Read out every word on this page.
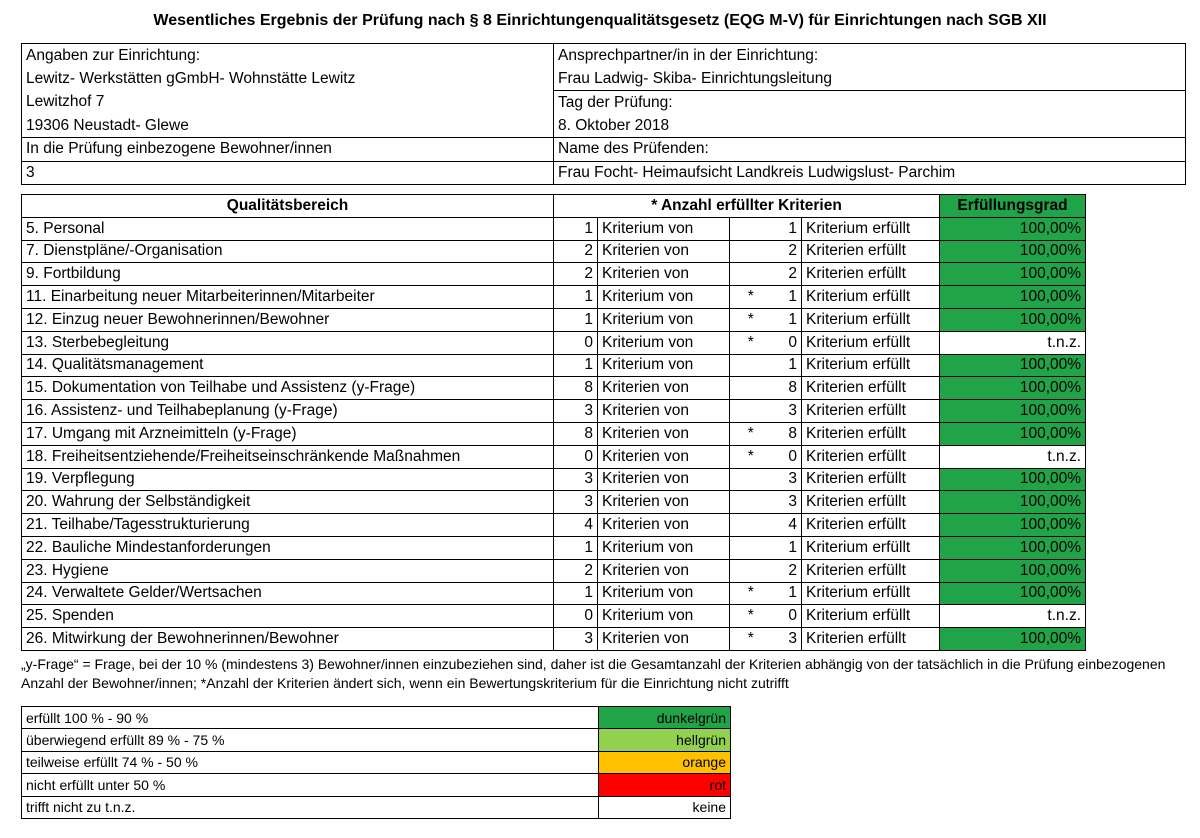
Wesentliches Ergebnis der Prüfung nach § 8 Einrichtungenqualitätsgesetz (EQG M-V) für Einrichtungen nach SGB XII
Angaben zur Einrichtung:	Ansprechpartner/in in der Einrichtung:
Lewitz- Werkstätten gGmbH- Wohnstätte Lewitz	Frau Ladwig- Skiba- Einrichtungsleitung
Lewitzhof 7	Tag der Prüfung:
19306 Neustadt- Glewe	8. Oktober 2018
In die Prüfung einbezogene Bewohner/innen	Name des Prüfenden:
3	Frau Focht- Heimaufsicht Landkreis Ludwigslust- Parchim
Qualitätsbereich	* Anzahl erfüllter Kriterien					Erfüllungsgrad
5. Personal	1	Kriterium von		1	Kriterium erfüllt	100,00%
7. Dienstpläne/-Organisation	2	Kriterien von		2	Kriterien erfüllt	100,00%
9. Fortbildung	2	Kriterien von		2	Kriterien erfüllt	100,00%
11. Einarbeitung neuer Mitarbeiterinnen/Mitarbeiter	1	Kriterium von	*	1	Kriterium erfüllt	100,00%
12. Einzug neuer Bewohnerinnen/Bewohner	1	Kriterium von	*	1	Kriterium erfüllt	100,00%
13. Sterbebegleitung	0	Kriterium von	*	0	Kriterium erfüllt	t.n.z.
14. Qualitätsmanagement	1	Kriterium von		1	Kriterium erfüllt	100,00%
15. Dokumentation von Teilhabe und Assistenz (y-Frage)	8	Kriterien von		8	Kriterien erfüllt	100,00%
16. Assistenz- und Teilhabeplanung (y-Frage)	3	Kriterien von		3	Kriterien erfüllt	100,00%
17. Umgang mit Arzneimitteln (y-Frage)	8	Kriterien von	*	8	Kriterien erfüllt	100,00%
18. Freiheitsentziehende/Freiheitseinschränkende Maßnahmen	0	Kriterien von	*	0	Kriterien erfüllt	t.n.z.
19. Verpflegung	3	Kriterien von		3	Kriterien erfüllt	100,00%
20. Wahrung der Selbständigkeit	3	Kriterien von		3	Kriterien erfüllt	100,00%
21. Teilhabe/Tagesstrukturierung	4	Kriterien von		4	Kriterien erfüllt	100,00%
22. Bauliche Mindestanforderungen	1	Kriterium von		1	Kriterium erfüllt	100,00%
23. Hygiene	2	Kriterien von		2	Kriterien erfüllt	100,00%
24. Verwaltete Gelder/Wertsachen	1	Kriterium von	*	1	Kriterium erfüllt	100,00%
25. Spenden	0	Kriterium von	*	0	Kriterium erfüllt	t.n.z.
26. Mitwirkung der Bewohnerinnen/Bewohner	3	Kriterien von	*	3	Kriterien erfüllt	100,00%
„y-Frage“ = Frage, bei der 10 % (mindestens 3) Bewohner/innen einzubeziehen sind, daher ist die Gesamtanzahl der Kriterien abhängig von der tatsächlich in die Prüfung einbezogenen Anzahl der Bewohner/innen; *Anzahl der Kriterien ändert sich, wenn ein Bewertungskriterium für die Einrichtung nicht zutrifft
erfüllt 100 % - 90 %	dunkelgrün
überwiegend erfüllt 89 % - 75 %	hellgrün
teilweise erfüllt 74 % - 50 %	orange
nicht erfüllt unter 50 %	rot
trifft nicht zu t.n.z.	keine
